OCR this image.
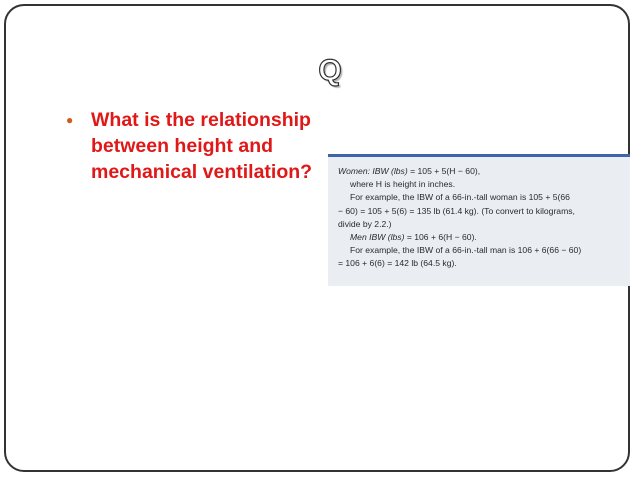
Q
● What is the relationship between height and mechanical ventilation?	Women: IBW (lbs) = 105 + 5(H − 60),
where H is height in inches.
For example, the IBW of a 66-in.-tall woman is 105 + 5(66
− 60) = 105 + 5(6) = 135 lb (61.4 kg). (To convert to kilograms,
divide by 2.2.)
Men IBW (lbs) = 106 + 6(H − 60).
For example, the IBW of a 66-in.-tall man is 106 + 6(66 − 60)
= 106 + 6(6) = 142 lb (64.5 kg).
